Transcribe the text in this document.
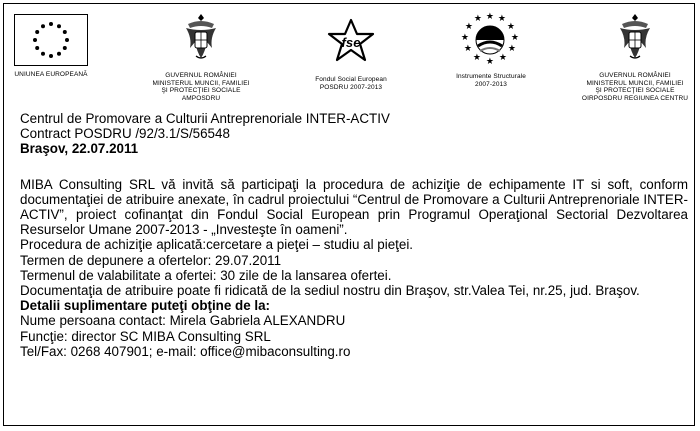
UNIUNEA EUROPEANĂ	GUVERNUL ROMÂNIEI
MINISTERUL MUNCII, FAMILIEI
ŞI PROTECŢIEI SOCIALE
AMPOSDRU
fse
Fondul Social European
POSDRU 2007-2013
★ ★
★
★
★
★
★
★
★
★
★ ★
Instrumente Structurale
2007-2013
GUVERNUL ROMÂNIEI
MINISTERUL MUNCII, FAMILIEI
ŞI PROTECŢIEI SOCIALE
OIRPOSDRU REGIUNEA CENTRU

Centrul de Promovare a Culturii Antreprenoriale INTER-ACTIV

Contract POSDRU /92/3.1/S/56548

Braşov, 22.07.2011

MIBA Consulting SRL vă invită să participaţi la procedura de achiziţie de echipamente IT si soft, conform documentaţiei de atribuire anexate, în cadrul proiectului “Centrul de Promovare a Culturii Antreprenoriale INTER-ACTIV”, proiect cofinanţat din Fondul Social European prin Programul Operaţional Sectorial Dezvoltarea Resurselor Umane 2007-2013 - „Investeşte în oameni”.

Procedura de achiziţie aplicată:cercetare a pieţei – studiu al pieţei.

Termen de depunere a ofertelor: 29.07.2011

Termenul de valabilitate a ofertei: 30 zile de la lansarea ofertei.

Documentaţia de atribuire poate fi ridicată de la sediul nostru din Braşov, str.Valea Tei, nr.25, jud. Braşov.

Detalii suplimentare puteţi obţine de la:

Nume persoana contact: Mirela Gabriela ALEXANDRU

Funcţie: director SC MIBA Consulting SRL

Tel/Fax: 0268 407901; e-mail: office@mibaconsulting.ro
